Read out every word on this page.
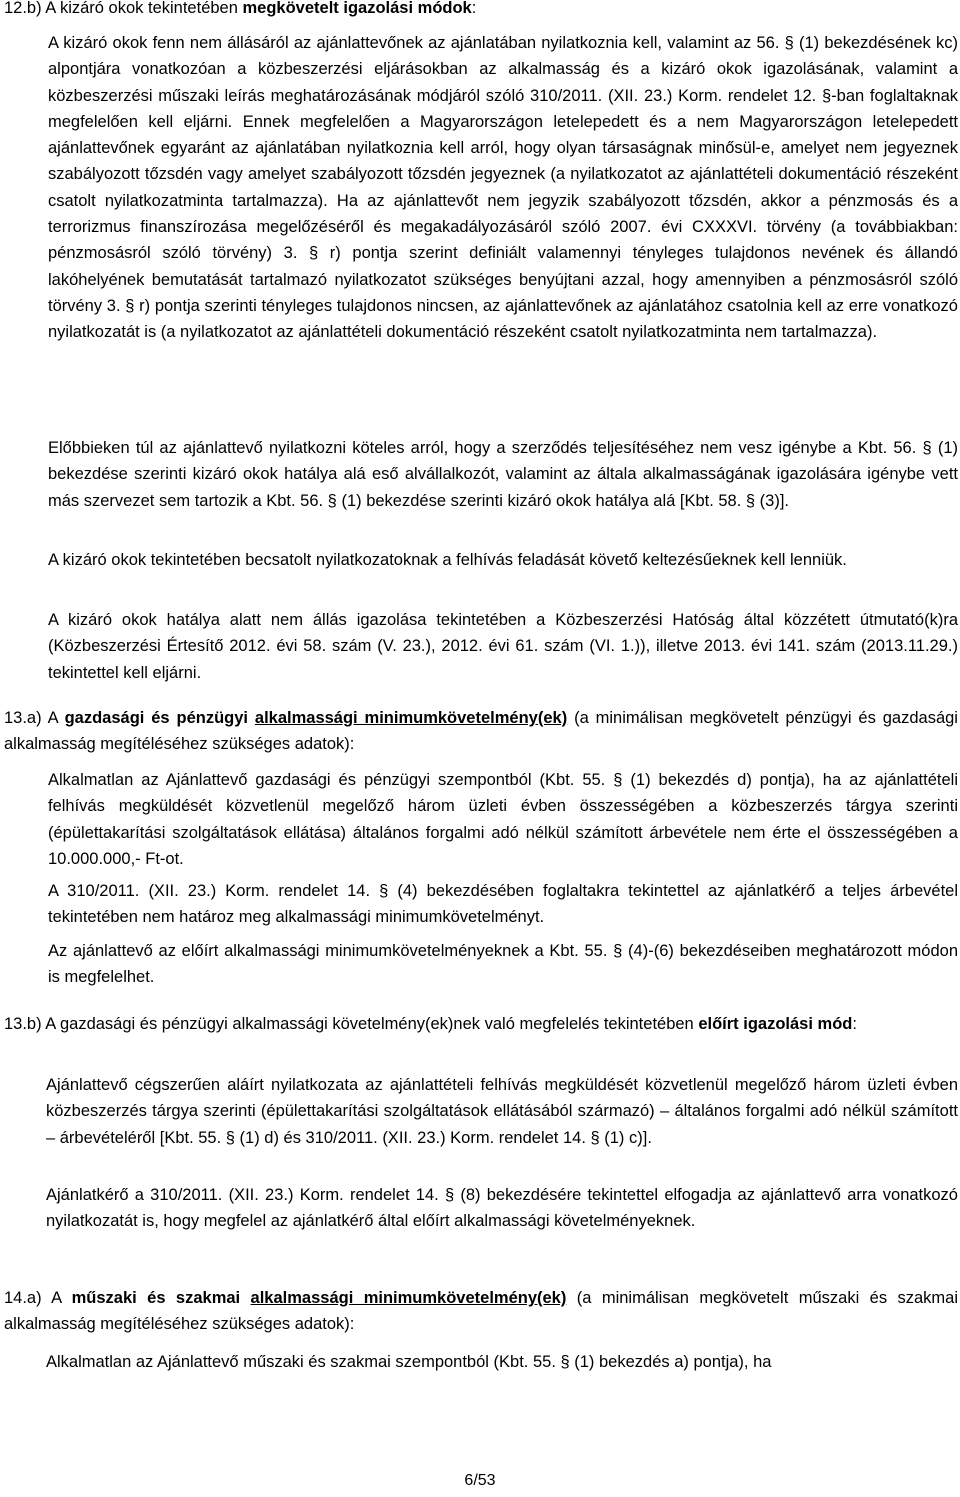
12.b) A kizáró okok tekintetében megkövetelt igazolási módok:

A kizáró okok fenn nem állásáról az ajánlattevőnek az ajánlatában nyilatkoznia kell, valamint az 56. § (1) bekezdésének kc) alpontjára vonatkozóan a közbeszerzési eljárásokban az alkalmasság és a kizáró okok igazolásának, valamint a közbeszerzési műszaki leírás meghatározásának módjáról szóló 310/2011. (XII. 23.) Korm. rendelet 12. §-ban foglaltaknak megfelelően kell eljárni. Ennek megfelelően a Magyarországon letelepedett és a nem Magyarországon letelepedett ajánlattevőnek egyaránt az ajánlatában nyilatkoznia kell arról, hogy olyan társaságnak minősül-e, amelyet nem jegyeznek szabályozott tőzsdén vagy amelyet szabályozott tőzsdén jegyeznek (a nyilatkozatot az ajánlattételi dokumentáció részeként csatolt nyilatkozatminta tartalmazza). Ha az ajánlattevőt nem jegyzik szabályozott tőzsdén, akkor a pénzmosás és a terrorizmus finanszírozása megelőzéséről és megakadályozásáról szóló 2007. évi CXXXVI. törvény (a továbbiakban: pénzmosásról szóló törvény) 3. § r) pontja szerint definiált valamennyi tényleges tulajdonos nevének és állandó lakóhelyének bemutatását tartalmazó nyilatkozatot szükséges benyújtani azzal, hogy amennyiben a pénzmosásról szóló törvény 3. § r) pontja szerinti tényleges tulajdonos nincsen, az ajánlattevőnek az ajánlatához csatolnia kell az erre vonatkozó nyilatkozatát is (a nyilatkozatot az ajánlattételi dokumentáció részeként csatolt nyilatkozatminta nem tartalmazza).

Előbbieken túl az ajánlattevő nyilatkozni köteles arról, hogy a szerződés teljesítéséhez nem vesz igénybe a Kbt. 56. § (1) bekezdése szerinti kizáró okok hatálya alá eső alvállalkozót, valamint az általa alkalmasságának igazolására igénybe vett más szervezet sem tartozik a Kbt. 56. § (1) bekezdése szerinti kizáró okok hatálya alá [Kbt. 58. § (3)].

A kizáró okok tekintetében becsatolt nyilatkozatoknak a felhívás feladását követő keltezésűeknek kell lenniük.

A kizáró okok hatálya alatt nem állás igazolása tekintetében a Közbeszerzési Hatóság által közzétett útmutató(k)ra (Közbeszerzési Értesítő 2012. évi 58. szám (V. 23.), 2012. évi 61. szám (VI. 1.)), illetve 2013. évi 141. szám (2013.11.29.) tekintettel kell eljárni.

13.a) A gazdasági és pénzügyi alkalmassági minimumkövetelmény(ek) (a minimálisan megkövetelt pénzügyi és gazdasági alkalmasság megítéléséhez szükséges adatok):

Alkalmatlan az Ajánlattevő gazdasági és pénzügyi szempontból (Kbt. 55. § (1) bekezdés d) pontja), ha az ajánlattételi felhívás megküldését közvetlenül megelőző három üzleti évben összességében a közbeszerzés tárgya szerinti (épülettakarítási szolgáltatások ellátása) általános forgalmi adó nélkül számított árbevétele nem érte el összességében a 10.000.000,- Ft-ot.

A 310/2011. (XII. 23.) Korm. rendelet 14. § (4) bekezdésében foglaltakra tekintettel az ajánlatkérő a teljes árbevétel tekintetében nem határoz meg alkalmassági minimumkövetelményt.

Az ajánlattevő az előírt alkalmassági minimumkövetelményeknek a Kbt. 55. § (4)-(6) bekezdéseiben meghatározott módon is megfelelhet.

13.b) A gazdasági és pénzügyi alkalmassági követelmény(ek)nek való megfelelés tekintetében előírt igazolási mód:

Ajánlattevő cégszerűen aláírt nyilatkozata az ajánlattételi felhívás megküldését közvetlenül megelőző három üzleti évben közbeszerzés tárgya szerinti (épülettakarítási szolgáltatások ellátásából származó) – általános forgalmi adó nélkül számított – árbevételéről [Kbt. 55. § (1) d) és 310/2011. (XII. 23.) Korm. rendelet 14. § (1) c)].

Ajánlatkérő a 310/2011. (XII. 23.) Korm. rendelet 14. § (8) bekezdésére tekintettel elfogadja az ajánlattevő arra vonatkozó nyilatkozatát is, hogy megfelel az ajánlatkérő által előírt alkalmassági követelményeknek.

14.a) A műszaki és szakmai alkalmassági minimumkövetelmény(ek) (a minimálisan megkövetelt műszaki és szakmai alkalmasság megítéléséhez szükséges adatok):

Alkalmatlan az Ajánlattevő műszaki és szakmai szempontból (Kbt. 55. § (1) bekezdés a) pontja), ha

6/53
